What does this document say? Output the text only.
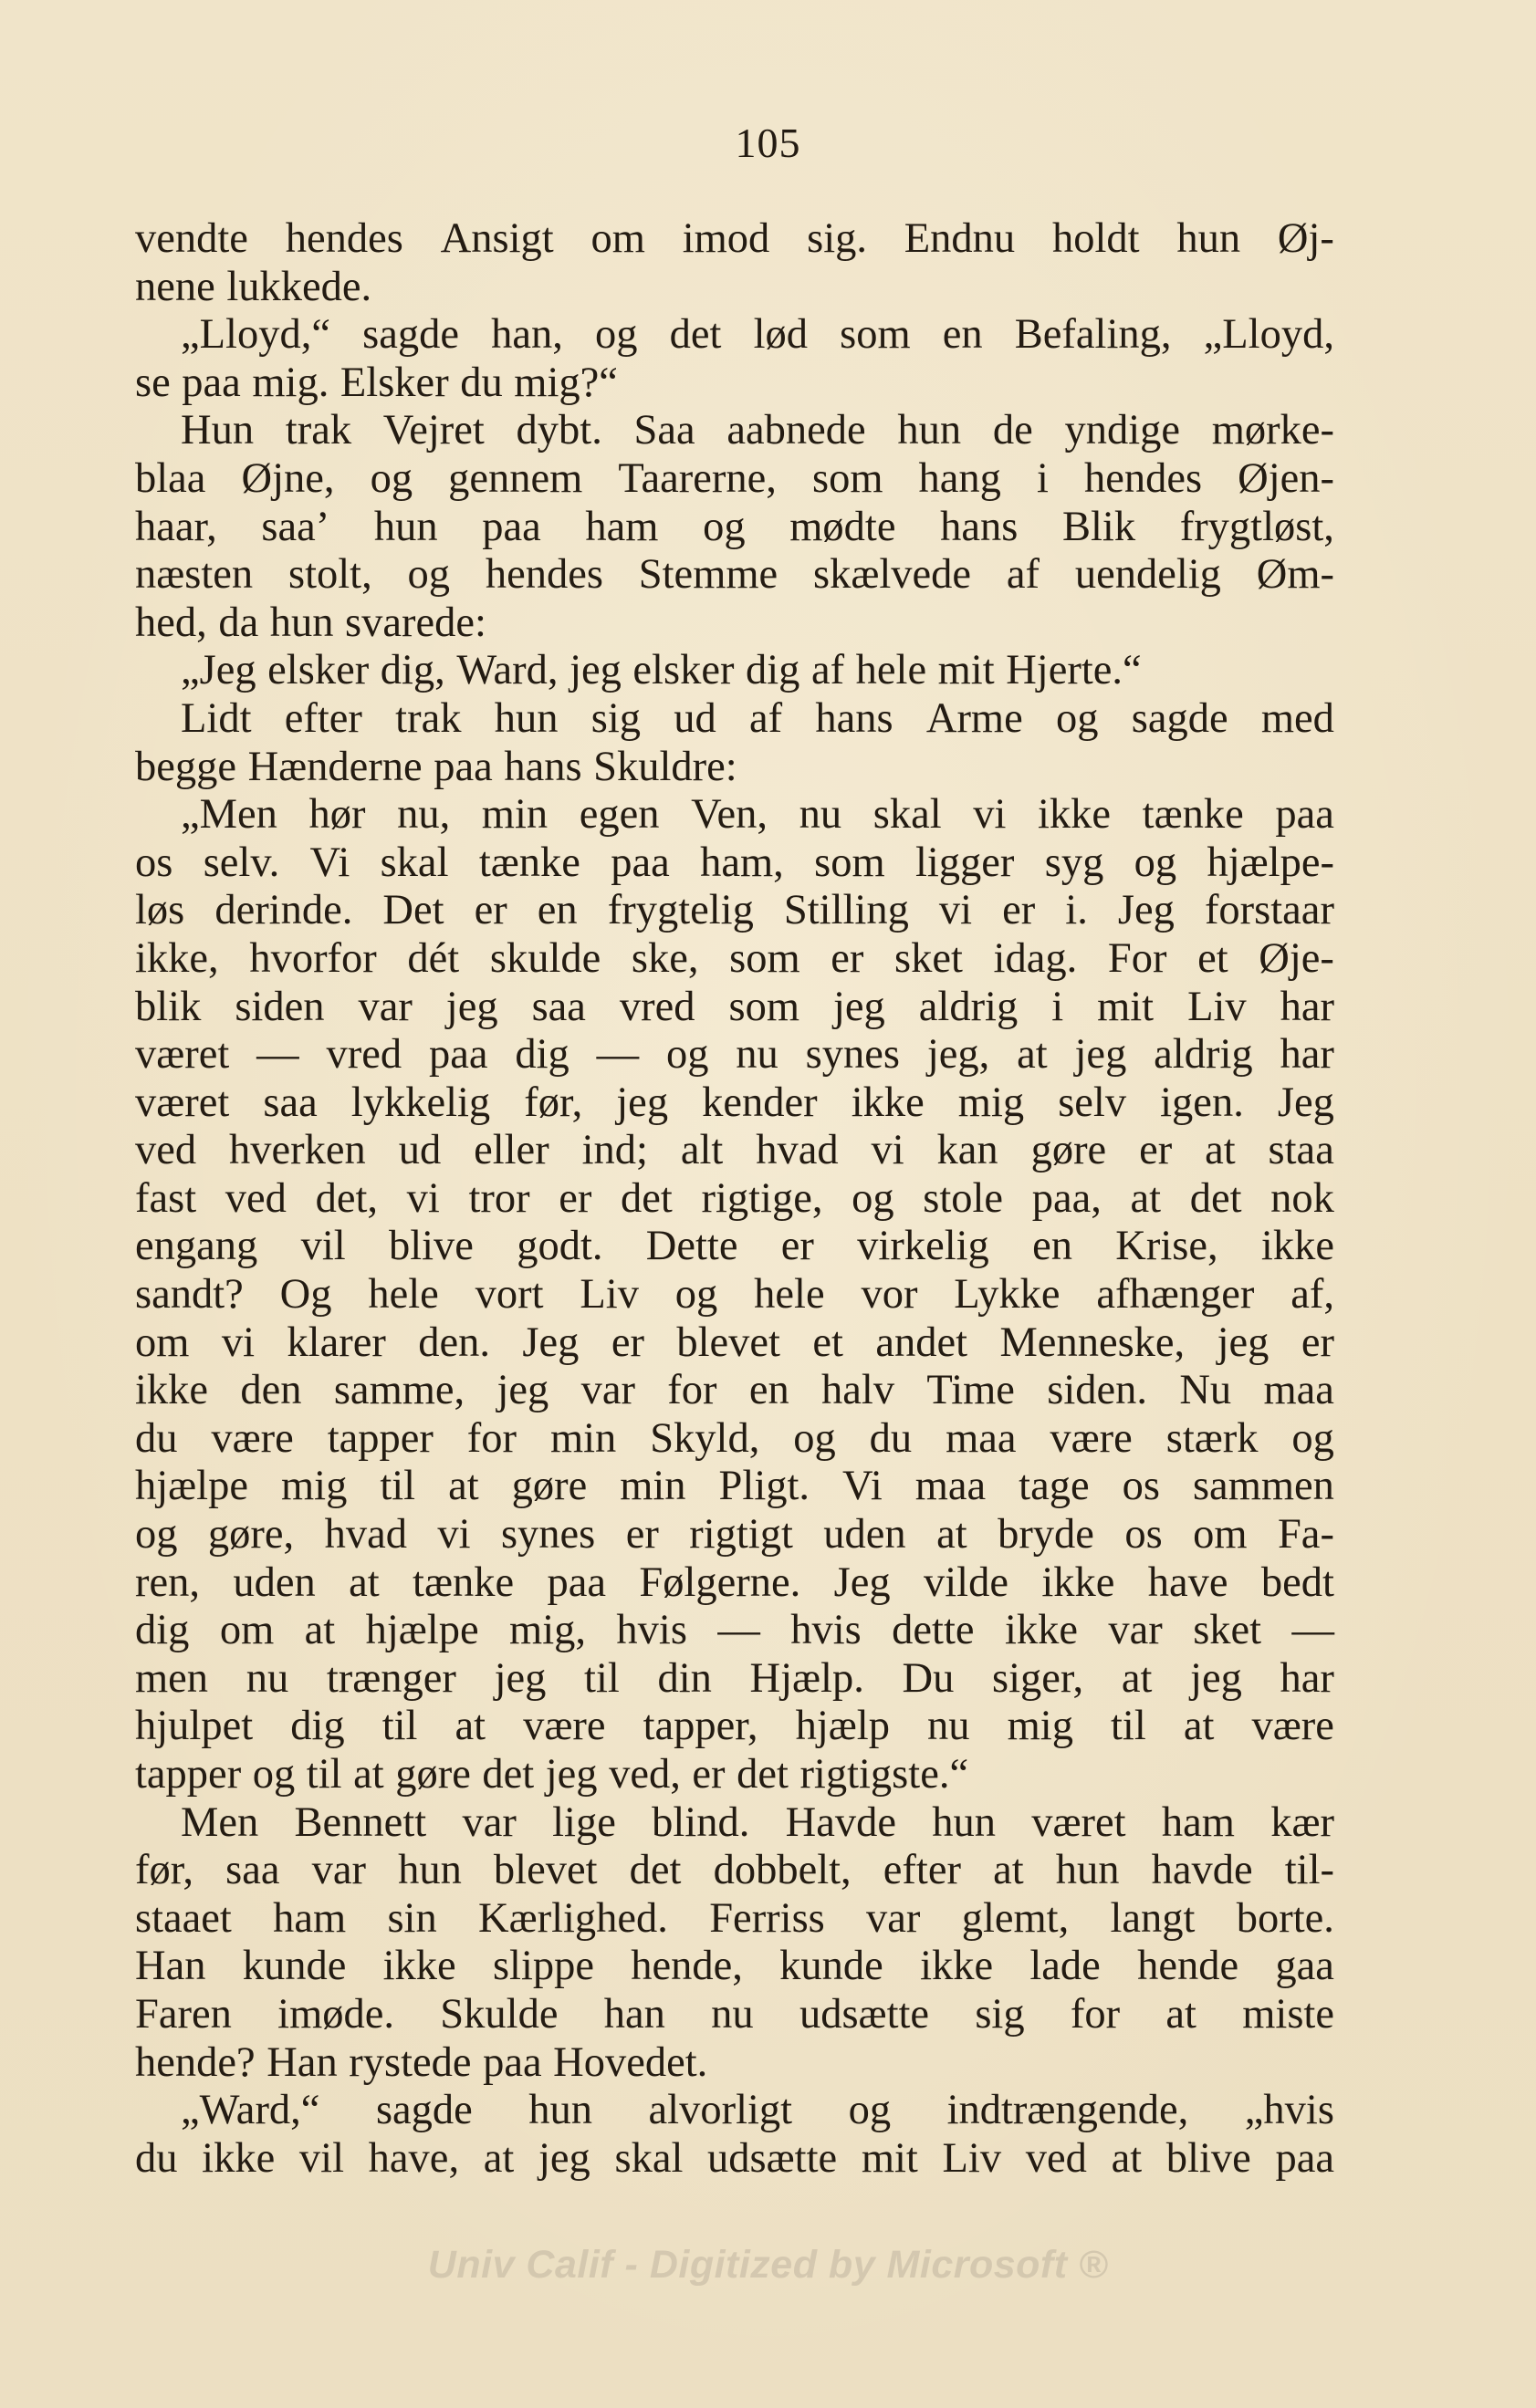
105
vendte hendes Ansigt om imod sig. Endnu holdt hun Øj-
nene lukkede.
„Lloyd,“ sagde han, og det lød som en Befaling, „Lloyd,
se paa mig. Elsker du mig?“
Hun trak Vejret dybt. Saa aabnede hun de yndige mørke-
blaa Øjne, og gennem Taarerne, som hang i hendes Øjen-
haar, saa’ hun paa ham og mødte hans Blik frygtløst,
næsten stolt, og hendes Stemme skælvede af uendelig Øm-
hed, da hun svarede:
„Jeg elsker dig, Ward, jeg elsker dig af hele mit Hjerte.“
Lidt efter trak hun sig ud af hans Arme og sagde med
begge Hænderne paa hans Skuldre:
„Men hør nu, min egen Ven, nu skal vi ikke tænke paa
os selv. Vi skal tænke paa ham, som ligger syg og hjælpe-
løs derinde. Det er en frygtelig Stilling vi er i. Jeg forstaar
ikke, hvorfor dét skulde ske, som er sket idag. For et Øje-
blik siden var jeg saa vred som jeg aldrig i mit Liv har
været — vred paa dig — og nu synes jeg, at jeg aldrig har
været saa lykkelig før, jeg kender ikke mig selv igen. Jeg
ved hverken ud eller ind; alt hvad vi kan gøre er at staa
fast ved det, vi tror er det rigtige, og stole paa, at det nok
engang vil blive godt. Dette er virkelig en Krise, ikke
sandt? Og hele vort Liv og hele vor Lykke afhænger af,
om vi klarer den. Jeg er blevet et andet Menneske, jeg er
ikke den samme, jeg var for en halv Time siden. Nu maa
du være tapper for min Skyld, og du maa være stærk og
hjælpe mig til at gøre min Pligt. Vi maa tage os sammen
og gøre, hvad vi synes er rigtigt uden at bryde os om Fa-
ren, uden at tænke paa Følgerne. Jeg vilde ikke have bedt
dig om at hjælpe mig, hvis — hvis dette ikke var sket —
men nu trænger jeg til din Hjælp. Du siger, at jeg har
hjulpet dig til at være tapper, hjælp nu mig til at være
tapper og til at gøre det jeg ved, er det rigtigste.“
Men Bennett var lige blind. Havde hun været ham kær
før, saa var hun blevet det dobbelt, efter at hun havde til-
staaet ham sin Kærlighed. Ferriss var glemt, langt borte.
Han kunde ikke slippe hende, kunde ikke lade hende gaa
Faren imøde. Skulde han nu udsætte sig for at miste
hende? Han rystede paa Hovedet.
„Ward,“ sagde hun alvorligt og indtrængende, „hvis
du ikke vil have, at jeg skal udsætte mit Liv ved at blive paa
Univ Calif - Digitized by Microsoft ®
